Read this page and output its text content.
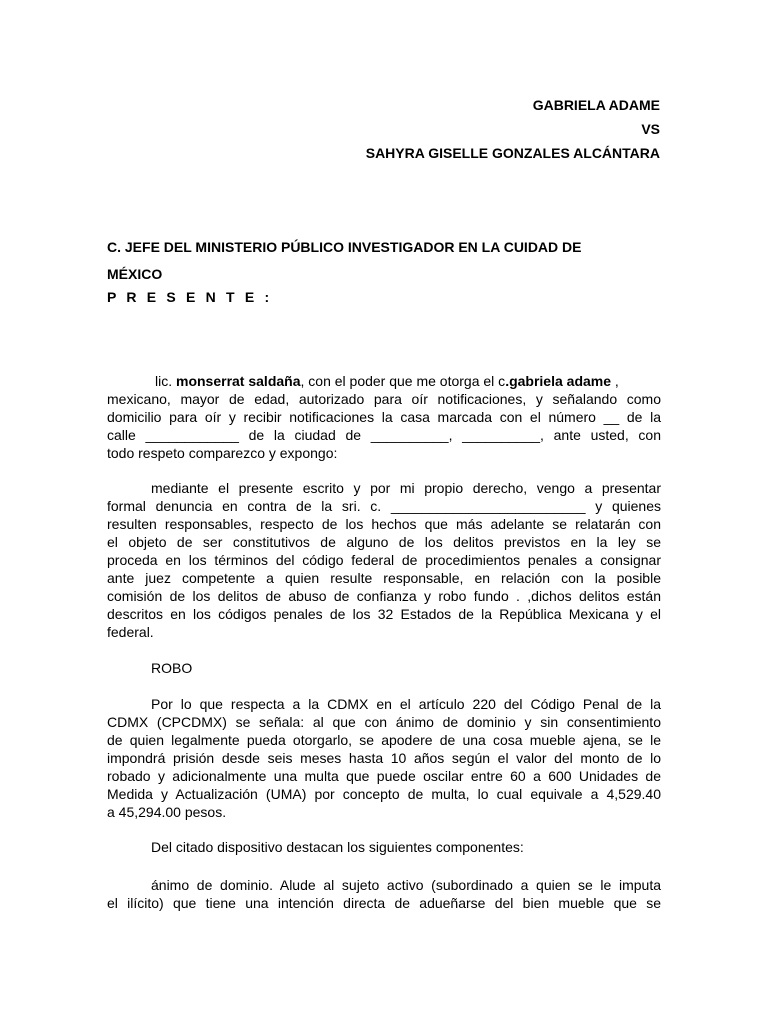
GABRIELA ADAME
VS
SAHYRA GISELLE GONZALES ALCÁNTARA
C. JEFE DEL MINISTERIO PÚBLICO INVESTIGADOR EN LA CUIDAD DE
MÉXICO
P R E S E N T E :
lic. monserrat saldaña, con el poder que me otorga el c.gabriela adame ,
mexicano, mayor de edad, autorizado para oír notificaciones, y señalando como
domicilio para oír y recibir notificaciones la casa marcada con el número __ de la
calle ____________ de la ciudad de __________, __________, ante usted, con
todo respeto comparezco y expongo:
mediante el presente escrito y por mi propio derecho, vengo a presentar
formal denuncia en contra de la sri. c. _________________________ y quienes
resulten responsables, respecto de los hechos que más adelante se relatarán con
el objeto de ser constitutivos de alguno de los delitos previstos en la ley se
proceda en los términos del código federal de procedimientos penales a consignar
ante juez competente a quien resulte responsable, en relación con la posible
comisión de los delitos de abuso de confianza y robo fundo . ,dichos delitos están
descritos en los códigos penales de los 32 Estados de la República Mexicana y el
federal.
ROBO
Por lo que respecta a la CDMX en el artículo 220 del Código Penal de la
CDMX (CPCDMX) se señala: al que con ánimo de dominio y sin consentimiento
de quien legalmente pueda otorgarlo, se apodere de una cosa mueble ajena, se le
impondrá prisión desde seis meses hasta 10 años según el valor del monto de lo
robado y adicionalmente una multa que puede oscilar entre 60 a 600 Unidades de
Medida y Actualización (UMA) por concepto de multa, lo cual equivale a 4,529.40
a 45,294.00 pesos.
Del citado dispositivo destacan los siguientes componentes:
ánimo de dominio. Alude al sujeto activo (subordinado a quien se le imputa
el ilícito) que tiene una intención directa de adueñarse del bien mueble que se
